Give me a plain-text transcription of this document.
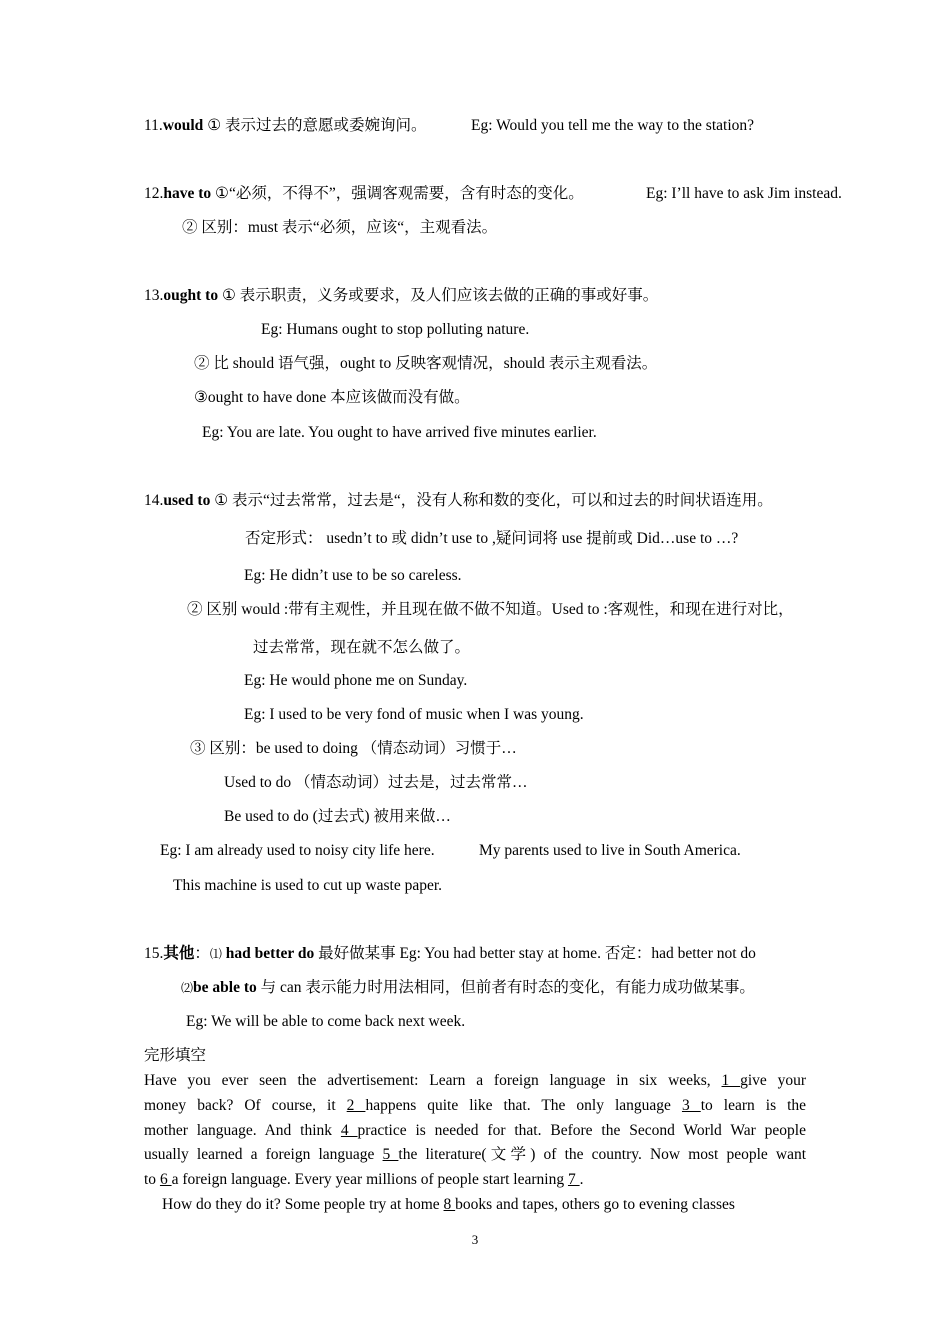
11.would ① 表示过去的意愿或委婉询问。	Eg: Would you tell me the way to the station?
12.have to ①“必须，不得不”，强调客观需要，含有时态的变化。	Eg: I’ll have to ask Jim instead.
② 区别：must 表示“必须，应该“，主观看法。
13.ought to ① 表示职责，义务或要求，及人们应该去做的正确的事或好事。
Eg: Humans ought to stop polluting nature.
② 比 should 语气强，ought to 反映客观情况，should 表示主观看法。
③ought to have done 本应该做而没有做。
Eg: You are late. You ought to have arrived five minutes earlier.
14.used to ① 表示“过去常常，过去是“，没有人称和数的变化，可以和过去的时间状语连用。
否定形式： usedn’t to 或 didn’t use to ,疑问词将 use 提前或 Did…use to …?
Eg: He didn’t use to be so careless.
② 区别 would :带有主观性，并且现在做不做不知道。Used to :客观性，和现在进行对比，
过去常常，现在就不怎么做了。
Eg: He would phone me on Sunday.
Eg: I used to be very fond of music when I was young.
③ 区别：be used to doing （情态动词）习惯于…
Used to do （情态动词）过去是，过去常常…
Be used to do (过去式) 被用来做…
Eg: I am already used to noisy city life here.	My parents used to live in South America.
This machine is used to cut up waste paper.
15.其他：⑴ had better do 最好做某事 Eg: You had better stay at home. 否定：had better not do
⑵be able to 与 can 表示能力时用法相同，但前者有时态的变化，有能力成功做某事。
Eg: We will be able to come back next week.
完形填空
Have you ever seen the advertisement: Learn a foreign language in six weeks, 1 give your
money back? Of course, it 2 happens quite like that. The only language 3 to learn is the
mother language. And think 4 practice is needed for that. Before the Second World War people
usually learned a foreign language 5 the literature(文学) of the country. Now most people want
to 6 a foreign language. Every year millions of people start learning 7 .
How do they do it? Some people try at home 8 books and tapes, others go to evening classes
3
